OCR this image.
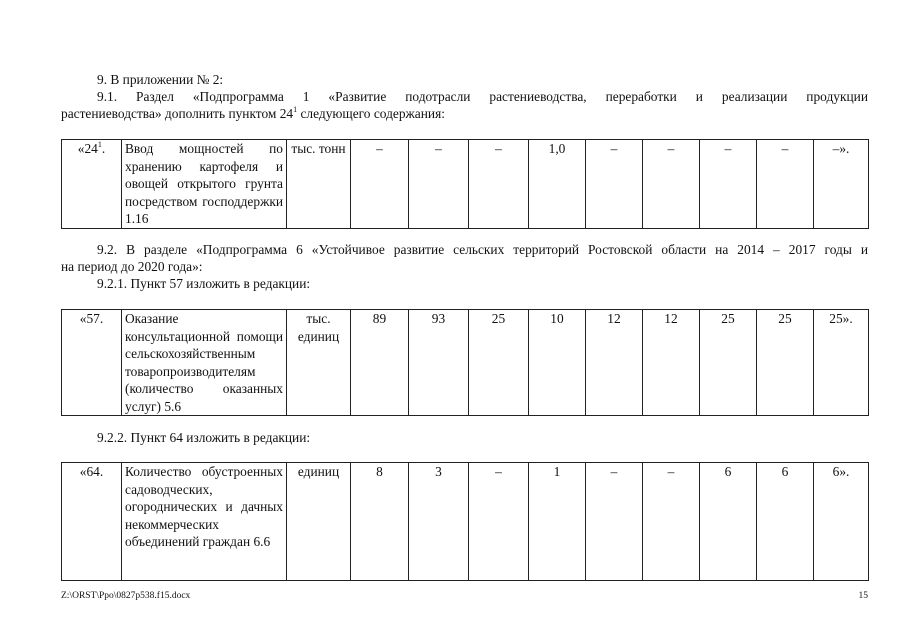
9. В приложении № 2:
9.1. Раздел «Подпрограмма 1 «Развитие подотрасли растениеводства, переработки и реализации продукции
растениеводства» дополнить пунктом $24^1$ следующего содержания:
«$24^1$.	Ввод мощностей по хранению картофеля и овощей открытого грунта посредством господдержки 1.16	тыс. тонн	–	–	–	1,0	–	–	–	–	–».
9.2. В разделе «Подпрограмма 6 «Устойчивое развитие сельских территорий Ростовской области на 2014 – 2017 годы и
на период до 2020 года»:
9.2.1. Пункт 57 изложить в редакции:
«57.	Оказание консультационной помощи сельскохозяйственным товаропроизводителям (количество оказанных услуг) 5.6	тыс. единиц	89	93	25	10	12	12	25	25	25».
9.2.2. Пункт 64 изложить в редакции:
«64.	Количество обустроенных садоводческих, огороднических и дачных некоммерческих объединений граждан 6.6	единиц	8	3	–	1	–	–	6	6	6».
Z:\ORST\Ppo\0827p538.f15.docx	15
